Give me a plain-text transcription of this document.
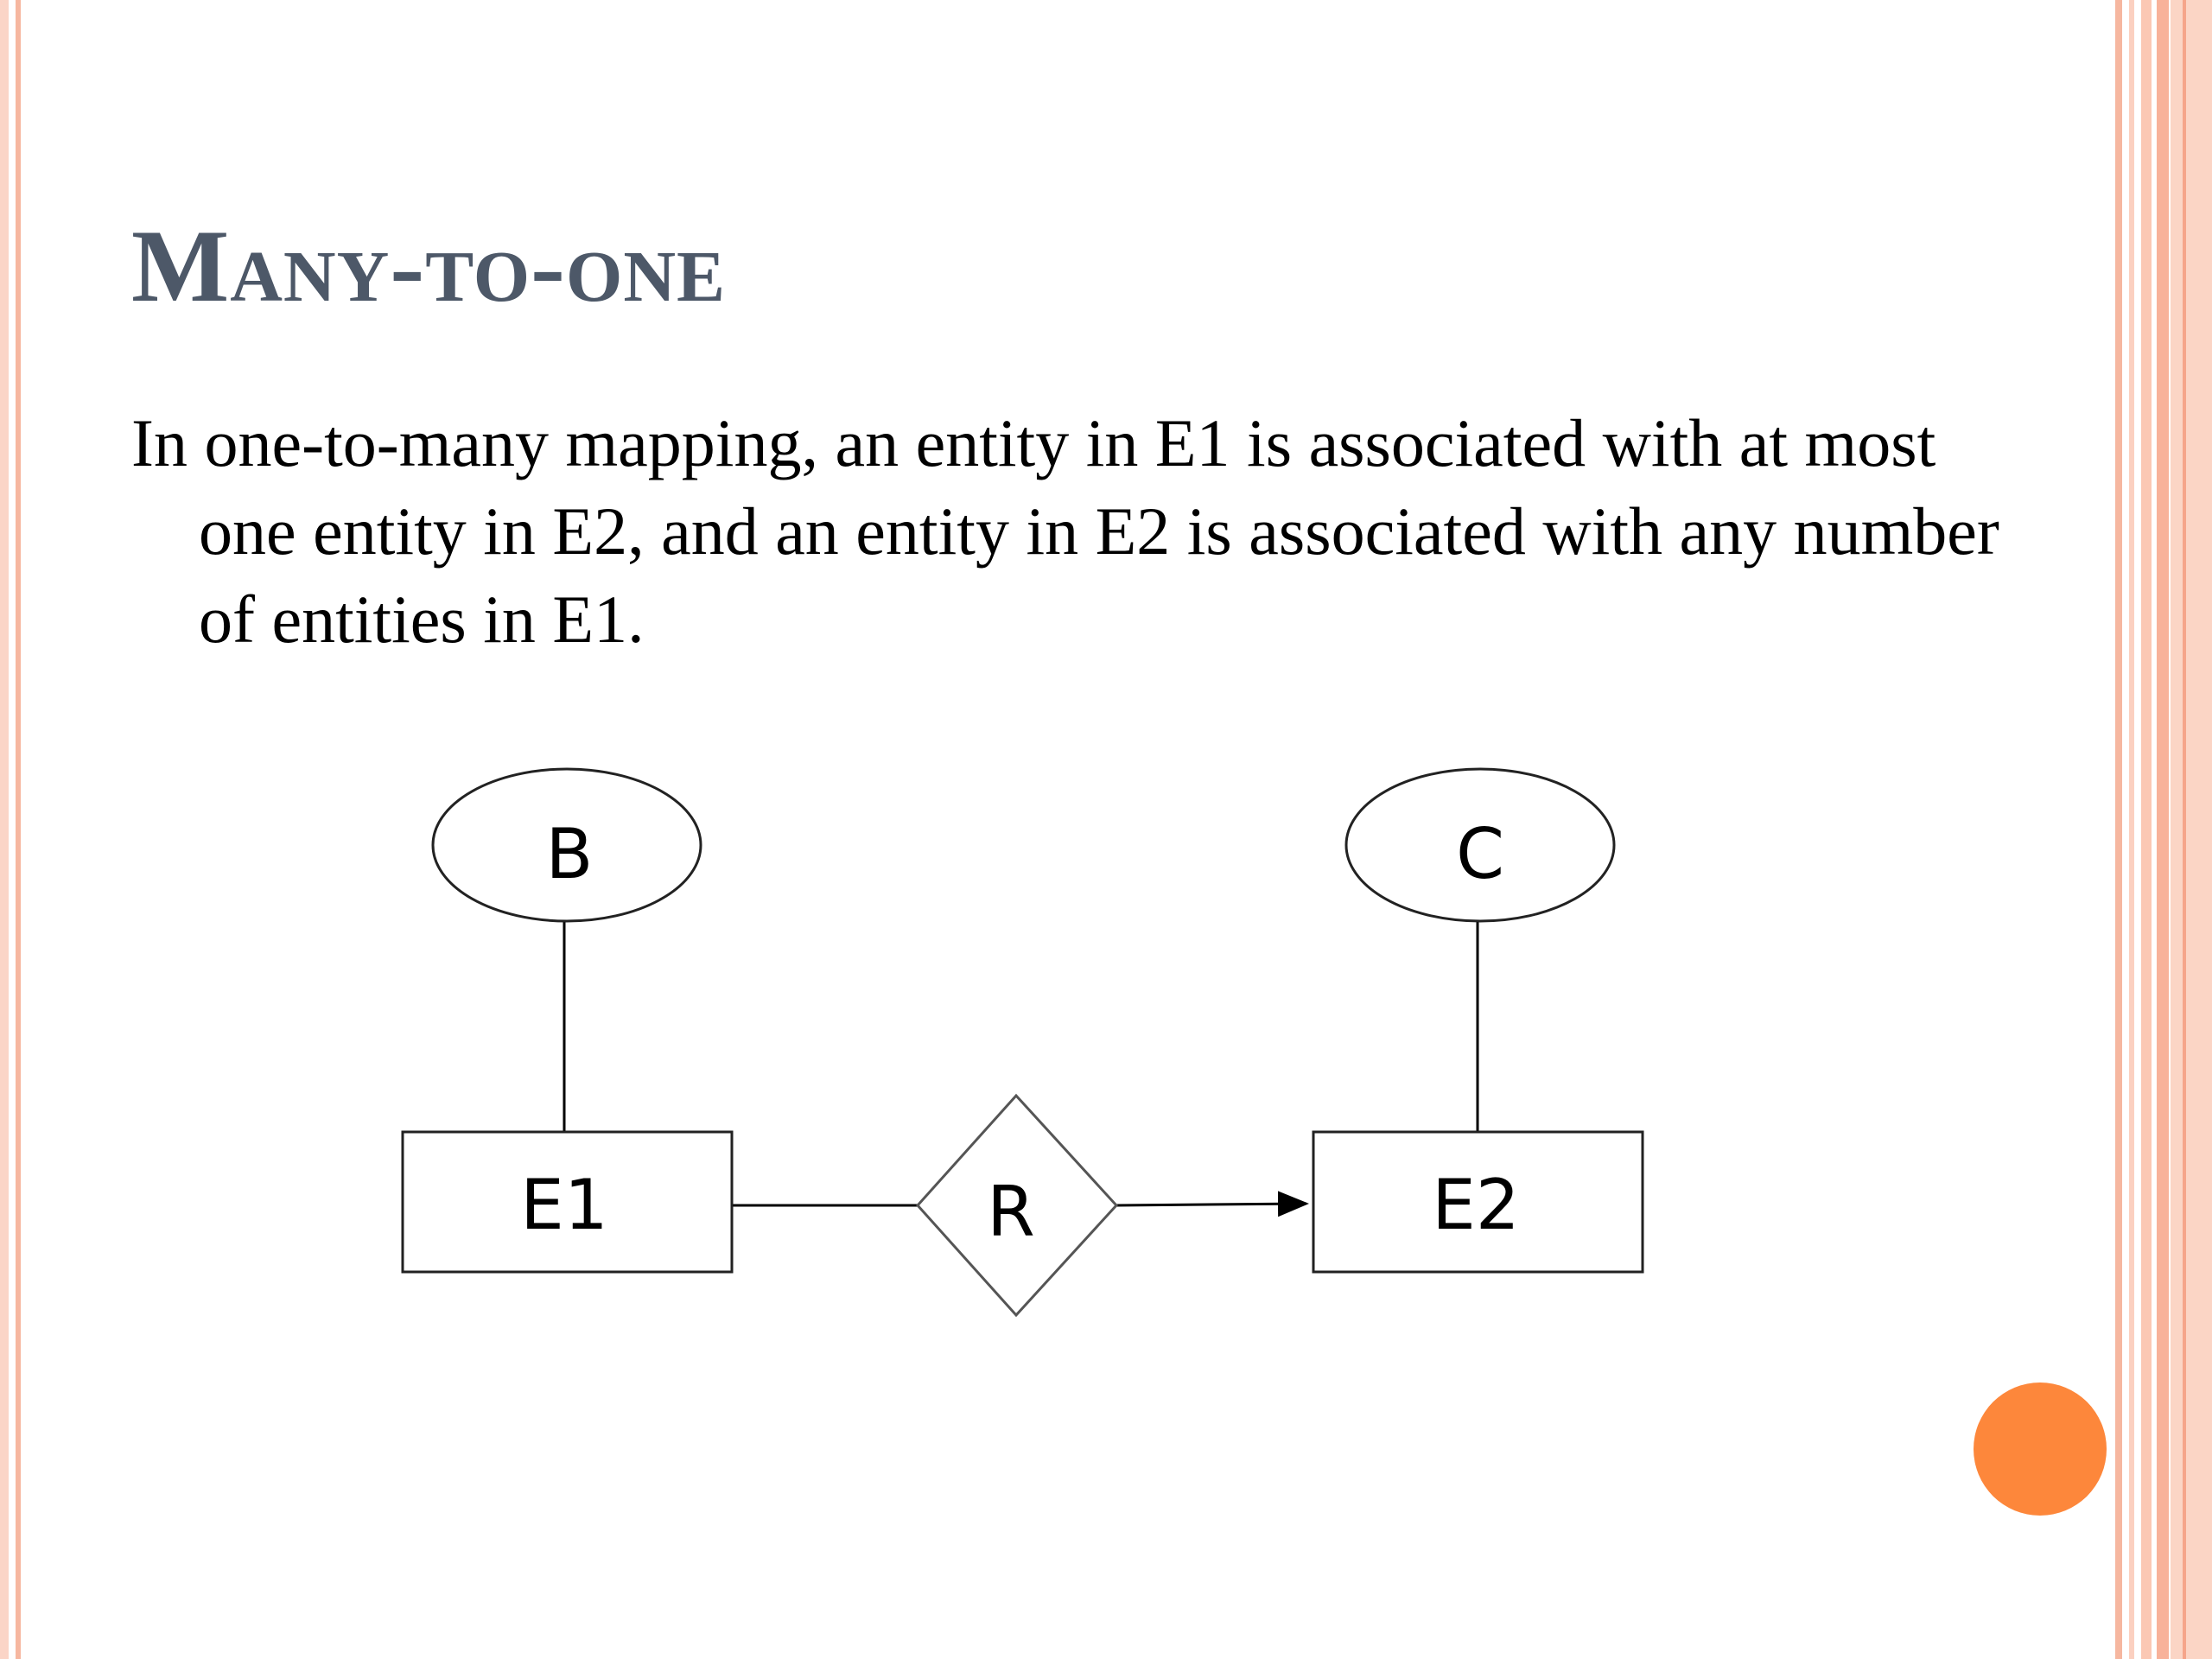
Many-to-one

In one-to-many mapping, an entity in E1 is associated with at most one entity in E2, and an entity in E2 is associated with any number of entities in E1.

B	C
E1	E2
R
